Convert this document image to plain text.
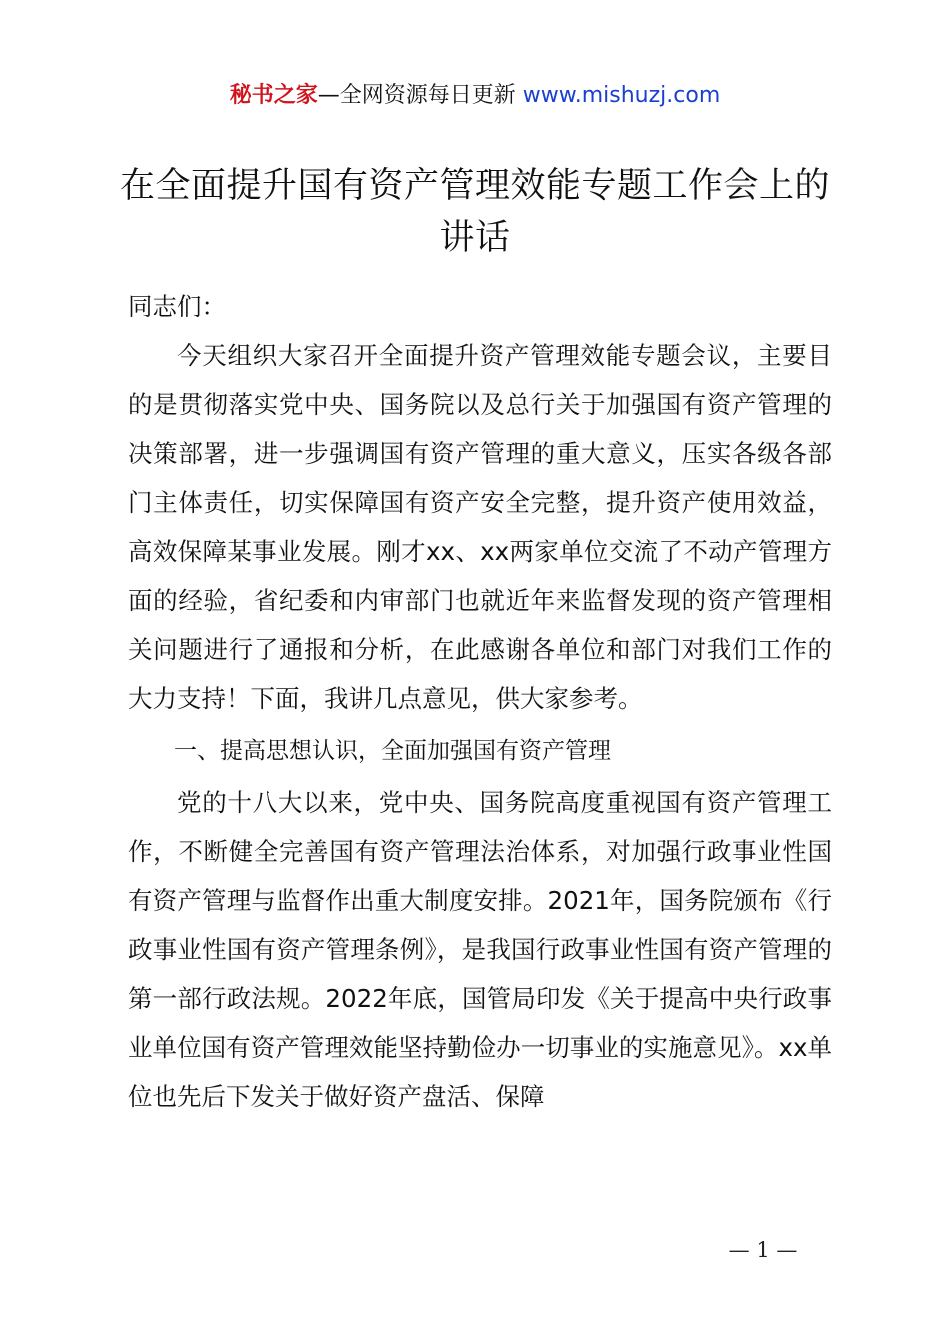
秘书之家—全网资源每日更新 www.mishuzj.com
在全面提升国有资产管理效能专题工作会上的讲话

同志们：

今天组织大家召开全面提升资产管理效能专题会议，主要目的是贯彻落实党中央、国务院以及总行关于加强国有资产管理的决策部署，进一步强调国有资产管理的重大意义，压实各级各部门主体责任，切实保障国有资产安全完整，提升资产使用效益，高效保障某事业发展。刚才xx、xx两家单位交流了不动产管理方面的经验，省纪委和内审部门也就近年来监督发现的资产管理相关问题进行了通报和分析，在此感谢各单位和部门对我们工作的大力支持！下面，我讲几点意见，供大家参考。

一、提高思想认识，全面加强国有资产管理

党的十八大以来，党中央、国务院高度重视国有资产管理工作，不断健全完善国有资产管理法治体系，对加强行政事业性国有资产管理与监督作出重大制度安排。2021年，国务院颁布《行政事业性国有资产管理条例》，是我国行政事业性国有资产管理的第一部行政法规。2022年底，国管局印发《关于提高中央行政事业单位国有资产管理效能坚持勤俭办一切事业的实施意见》。xx单位也先后下发关于做好资产盘活、保障

— 1 —
